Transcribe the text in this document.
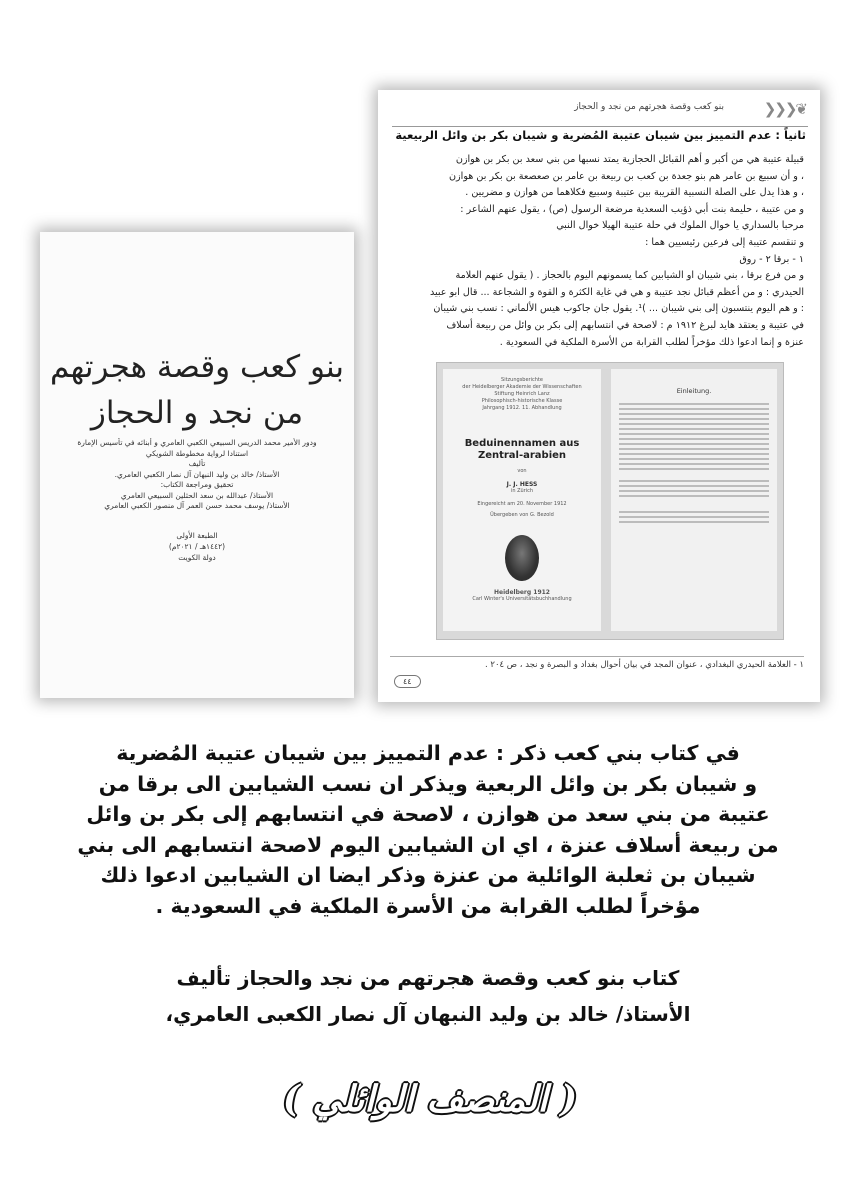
بنو كعب وقصة هجرتهم
من نجد و الحجاز
ودور الأمير محمد الدريس السبيعي الكعبي العامري و أبنائه في تأسيس الإمارة
استنادا لرواية مخطوطة الشويكي
تأليف
الأستاذ/ خالد بن وليد النبهان آل نصار الكعبي العامري.
تحقيق ومراجعة الكتاب:
الأستاذ/ عبدالله بن سعد الحثلين السبيعي العامري
الأستاذ/ يوسف محمد حسن العمر آل منصور الكعبي العامري
الطبعة الأولى
(١٤٤٢هـ / ٢٠٢١م)
دولة الكويت
❦❮❮❮
بنو كعب وقصة هجرتهم من نجد و الحجاز
ثانياً : عدم التمييز بين شيبان عتيبة المُضرية و شيبان بكر بن وائل الربيعية
قبيلة عتيبة هي من أكبر و أهم القبائل الحجازية يمتد نسبها من بني سعد بن بكر بن هوازن
، و أن سبيع بن عامر هم بنو جعدة بن كعب بن ربيعة بن عامر بن صعصعة بن بكر بن هوازن
، و هذا يدل على الصلة النسبية القريبة بين عتيبة وسبيع فكلاهما من هوازن و مضريين .
و من عتيبة ، حليمة بنت أبي ذؤيب السعدية مرضعة الرسول (ص) ، يقول عنهم الشاعر :
مرحبا بالسداري يا خوال الملوك في حلة عتيبة الهيلا خوال النبي
و تنقسم عتيبة إلى فرعين رئيسيين هما :
١ - برقا ٢ - روق
و من فرع برقا ، بني شيبان او الشيابين كما يسمونهم اليوم بالحجاز . ( يقول عنهم العلامة
الحيدري : و من أعظم قبائل نجد عتيبة و هي في غاية الكثرة و القوة و الشجاعة ... قال ابو عبيد
: و هم اليوم ينتسبون إلى بني شيبان ... )¹. يقول جان جاكوب هيس الألماني : نسب بني شيبان
في عتيبة و يعتقد هايد لبرغ ١٩١٢ م : لاصحة في انتسابهم إلى بكر بن وائل من ربيعة أسلاف
عنزة و إنما ادعوا ذلك مؤخراً لطلب القرابة من الأسرة الملكية في السعودية .
Sitzungsberichte
der Heidelberger Akademie der Wissenschaften
Stiftung Heinrich Lanz
Philosophisch-historische Klasse
Jahrgang 1912. 11. Abhandlung
Beduinennamen aus Zentral-arabien
von
J. J. HESS
in Zürich
Eingereicht am 20. November 1912
Übergeben von G. Bezold
Heidelberg 1912
Carl Winter's Universitätsbuchhandlung
Einleitung.
١ - العلامة الحيدري البغدادي ، عنوان المجد في بيان أحوال بغداد و البصرة و نجد ، ص ٢٠٤ .
٤٤
في كتاب بني كعب ذكر : عدم التمييز بين شيبان عتيبة المُضرية
و شيبان بكر بن وائل الربعية ويذكر ان نسب الشيابين الى برقا من
عتيبة من بني سعد من هوازن ، لاصحة في انتسابهم إلى بكر بن وائل
من ربيعة أسلاف عنزة ، اي ان الشيابين اليوم لاصحة انتسابهم الى بني
شيبان بن ثعلبة الوائلية من عنزة وذكر ايضا ان الشيابين ادعوا ذلك
مؤخراً لطلب القرابة من الأسرة الملكية في السعودية .
كتاب بنو كعب وقصة هجرتهم من نجد والحجاز تأليف
الأستاذ/ خالد بن وليد النبهان آل نصار الكعبى العامري،
( المنصف الوائلي )
